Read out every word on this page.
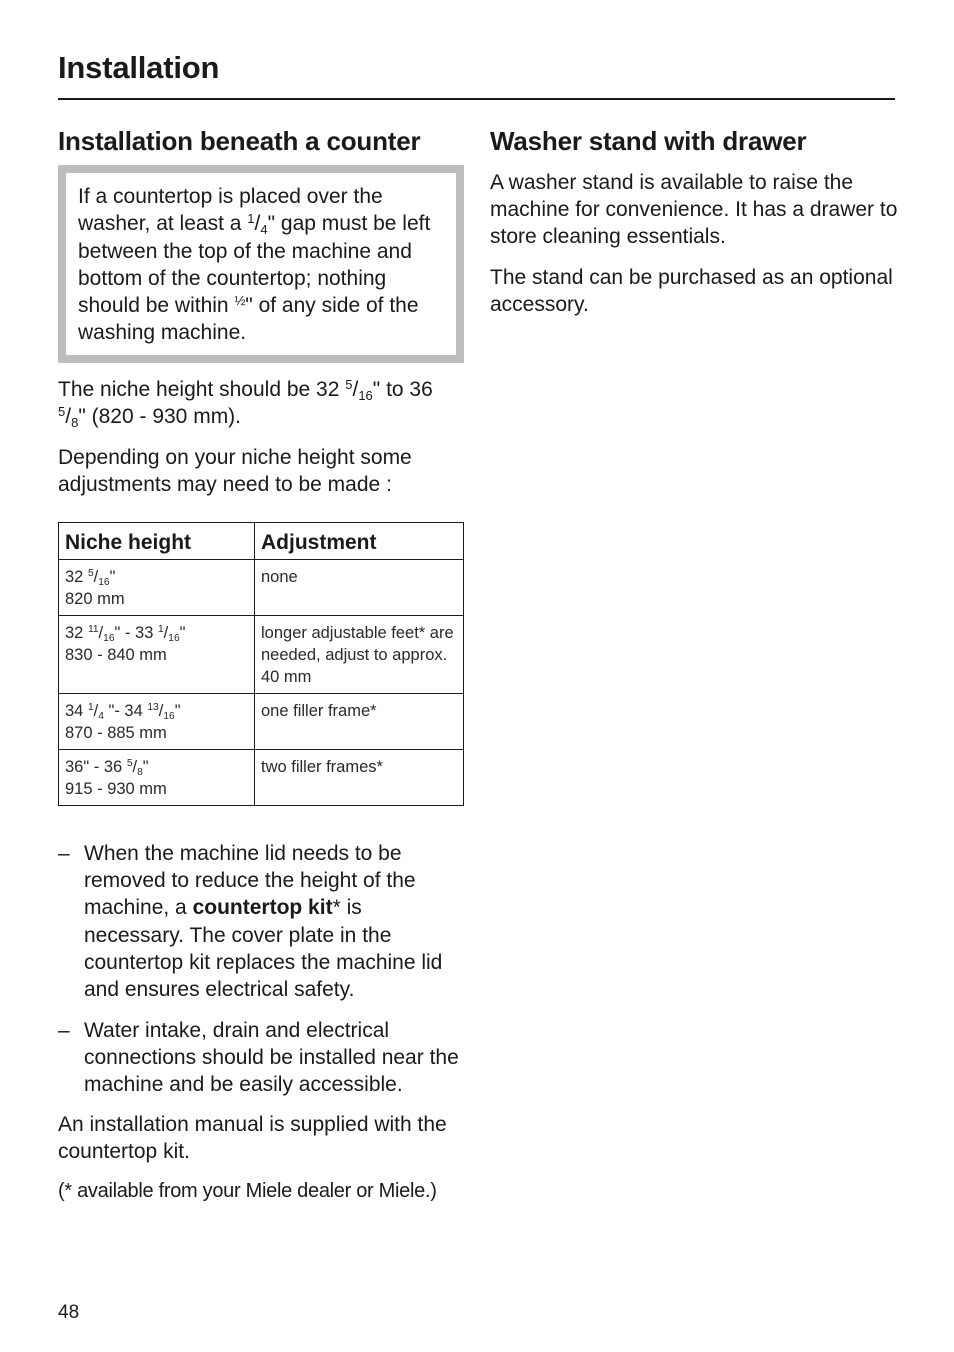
Installation
Installation beneath a counter

If a countertop is placed over the washer, at least a $^1/_4$" gap must be left between the top of the machine and bottom of the countertop; nothing should be within $^{\frac{1}{2}}$" of any side of the washing machine.

The niche height should be 32 $^5/_{16}$" to 36 $^5/_8$" (820 - 930 mm).

Depending on your niche height some adjustments may need to be made :

Niche height	Adjustment

32 $^5/_{16}$"
820 mm	none

32 $^{11}/_{16}$" - 33 $^1/_{16}$"
830 - 840 mm	longer adjustable feet* are needed, adjust to approx. 40 mm

34 $^1/_4$ "- 34 $^{13}/_{16}$"
870 - 885 mm	one filler frame*

36" - 36 $^5/_8$"
915 - 930 mm	two filler frames*
– When the machine lid needs to be removed to reduce the height of the machine, a countertop kit* is necessary. The cover plate in the countertop kit replaces the machine lid and ensures electrical safety.
– Water intake, drain and electrical connections should be installed near the machine and be easily accessible.

An installation manual is supplied with the countertop kit.

(* available from your Miele dealer or Miele.)

Washer stand with drawer

A washer stand is available to raise the machine for convenience. It has a drawer to store cleaning essentials.

The stand can be purchased as an optional accessory.

48
